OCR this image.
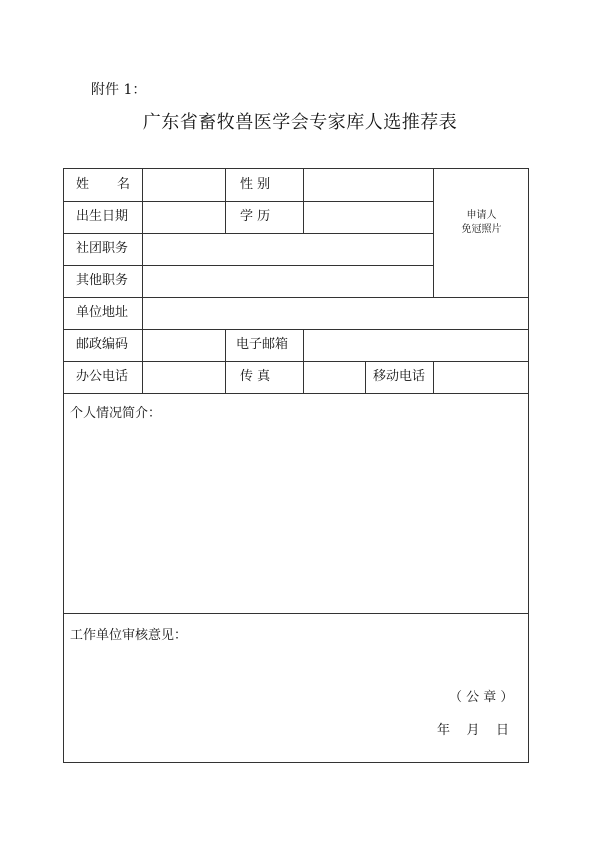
附件 1：
广东省畜牧兽医学会专家库人选推荐表
姓 名	性 别
出生日期	学 历
社团职务
其他职务
申请人
免冠照片
单位地址
邮政编码	电子邮箱
办公电话	传 真	移动电话
个人情况简介：
工作单位审核意见：
（ 公 章 ）
年    月    日
